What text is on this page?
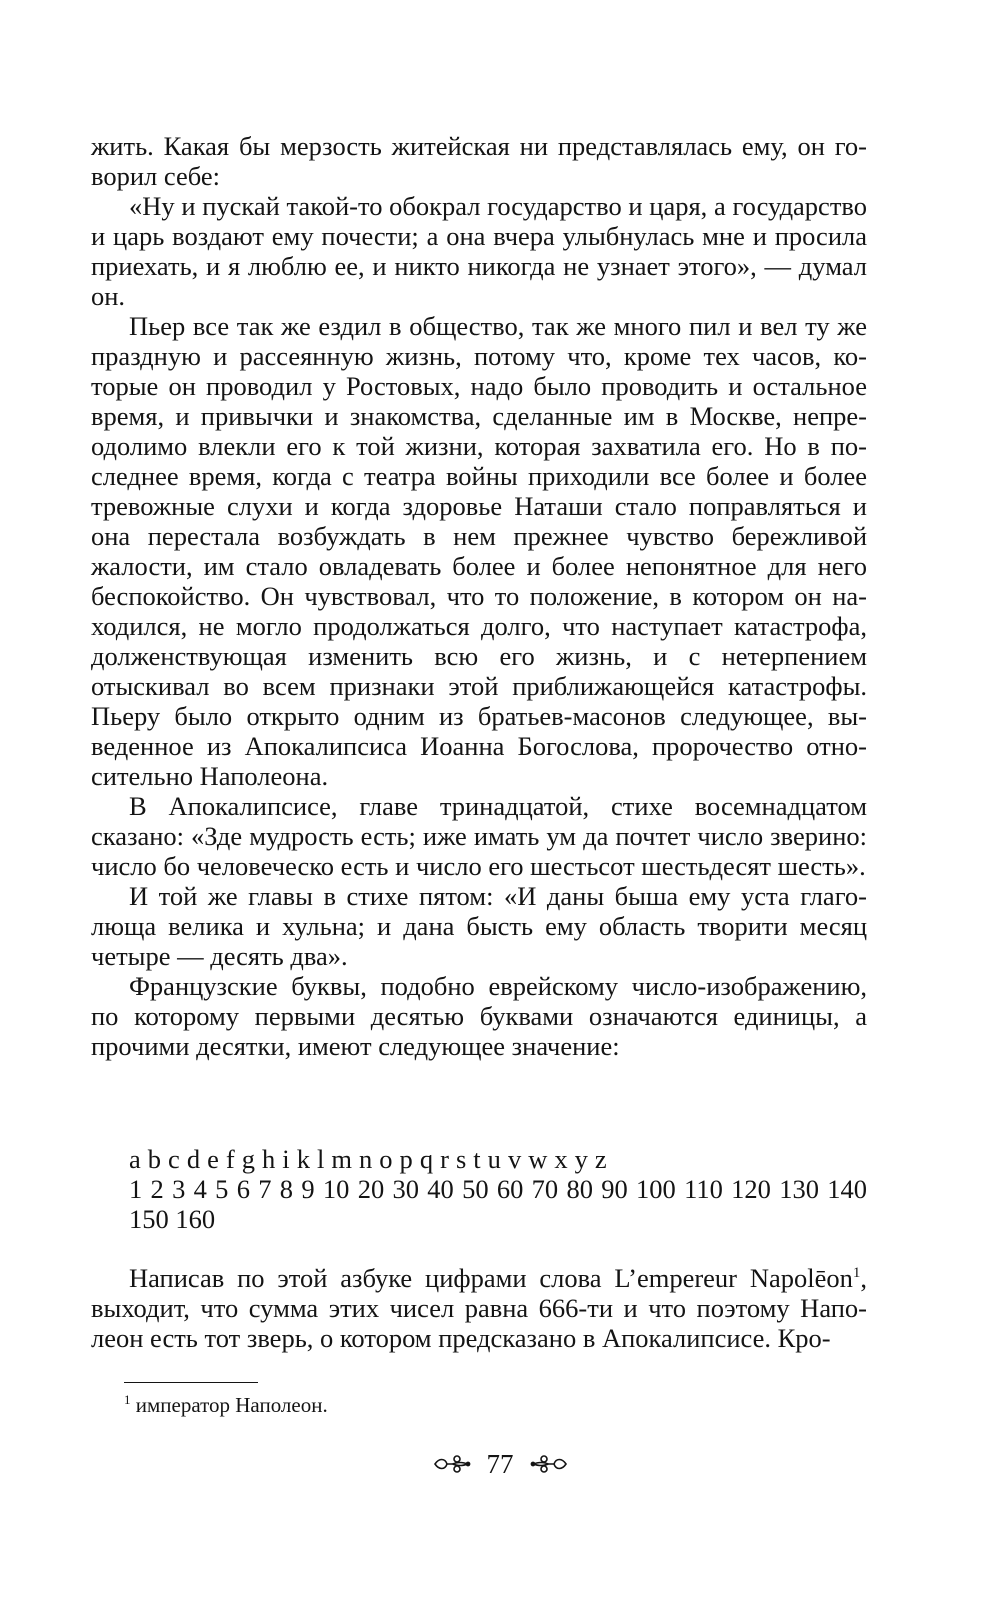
жить. Какая бы мерзость житейская ни представлялась ему, он говорил себе:

«Ну и пускай такой-то обокрал государство и царя, а государство и царь воздают ему почести; а она вчера улыбнулась мне и просила приехать, и я люблю ее, и никто никогда не узнает этого», — думал он.

Пьер все так же ездил в общество, так же много пил и вел ту же праздную и рассеянную жизнь, потому что, кроме тех часов, которые он проводил у Ростовых, надо было проводить и остальное время, и привычки и знакомства, сделанные им в Москве, непреодолимо влекли его к той жизни, которая захватила его. Но в последнее время, когда с театра войны приходили все более и более тревожные слухи и когда здоровье Наташи стало поправляться и она перестала возбуждать в нем прежнее чувство бережливой жалости, им стало овладевать более и более непонятное для него беспокойство. Он чувствовал, что то положение, в котором он находился, не могло продолжаться долго, что наступает катастрофа, долженствующая изменить всю его жизнь, и с нетерпением отыскивал во всем признаки этой приближающейся катастрофы. Пьеру было открыто одним из братьев-масонов следующее, выведенное из Апокалипсиса Иоанна Богослова, пророчество относительно Наполеона.

В Апокалипсисе, главе тринадцатой, стихе восемнадцатом сказано: «Зде мудрость есть; иже имать ум да почтет число зверино: число бо человеческо есть и число его шестьсот шестьдесят шесть».

И той же главы в стихе пятом: «И даны быша ему уста глаголюща велика и хульна; и дана бысть ему область творити месяц четыре — десять два».

Французские буквы, подобно еврейскому число-изображению, по которому первыми десятью буквами означаются единицы, а прочими десятки, имеют следующее значение:

a b c d e f g h i k l m n o p q r s t u v w x y z
1 2 3 4 5 6 7 8 9 10 20 30 40 50 60 70 80 90 100 110 120 130 140 150 160

Написав по этой азбуке цифрами слова L’empereur Napolēon$^1$, выходит, что сумма этих чисел равна 666-ти и что поэтому Наполеон есть тот зверь, о котором предсказано в Апокалипсисе. Кро-

$^1$ император Наполеон.
77
